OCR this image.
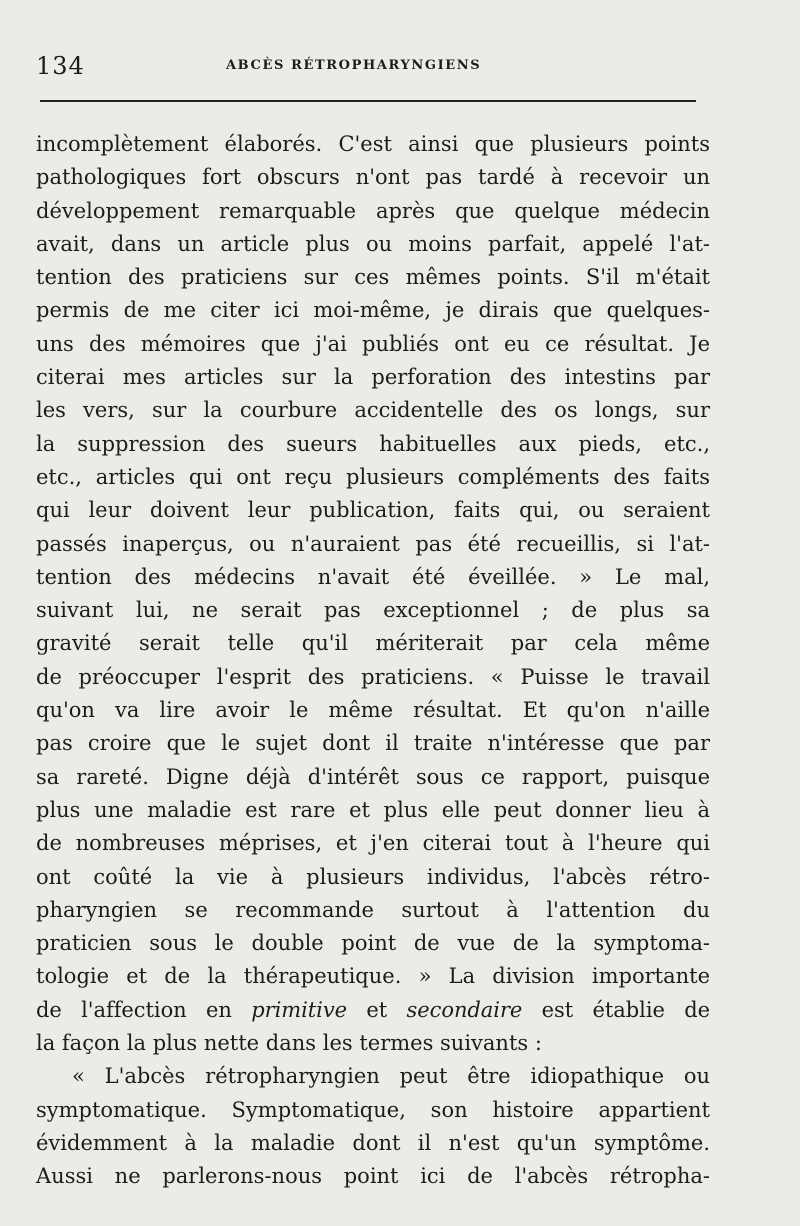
134	ABCÈS RÉTROPHARYNGIENS
incomplètement élaborés. C'est ainsi que plusieurs points
pathologiques fort obscurs n'ont pas tardé à recevoir un
développement remarquable après que quelque médecin
avait, dans un article plus ou moins parfait, appelé l'at-
tention des praticiens sur ces mêmes points. S'il m'était
permis de me citer ici moi-même, je dirais que quelques-
uns des mémoires que j'ai publiés ont eu ce résultat. Je
citerai mes articles sur la perforation des intestins par
les vers, sur la courbure accidentelle des os longs, sur
la suppression des sueurs habituelles aux pieds, etc.,
etc., articles qui ont reçu plusieurs compléments des faits
qui leur doivent leur publication, faits qui, ou seraient
passés inaperçus, ou n'auraient pas été recueillis, si l'at-
tention des médecins n'avait été éveillée. » Le mal,
suivant lui, ne serait pas exceptionnel ; de plus sa
gravité serait telle qu'il mériterait par cela même
de préoccuper l'esprit des praticiens. « Puisse le travail
qu'on va lire avoir le même résultat. Et qu'on n'aille
pas croire que le sujet dont il traite n'intéresse que par
sa rareté. Digne déjà d'intérêt sous ce rapport, puisque
plus une maladie est rare et plus elle peut donner lieu à
de nombreuses méprises, et j'en citerai tout à l'heure qui
ont coûté la vie à plusieurs individus, l'abcès rétro-
pharyngien se recommande surtout à l'attention du
praticien sous le double point de vue de la symptoma-
tologie et de la thérapeutique. » La division importante
de l'affection en primitive et secondaire est établie de
la façon la plus nette dans les termes suivants :
« L'abcès rétropharyngien peut être idiopathique ou
symptomatique. Symptomatique, son histoire appartient
évidemment à la maladie dont il n'est qu'un symptôme.
Aussi ne parlerons-nous point ici de l'abcès rétropha-
